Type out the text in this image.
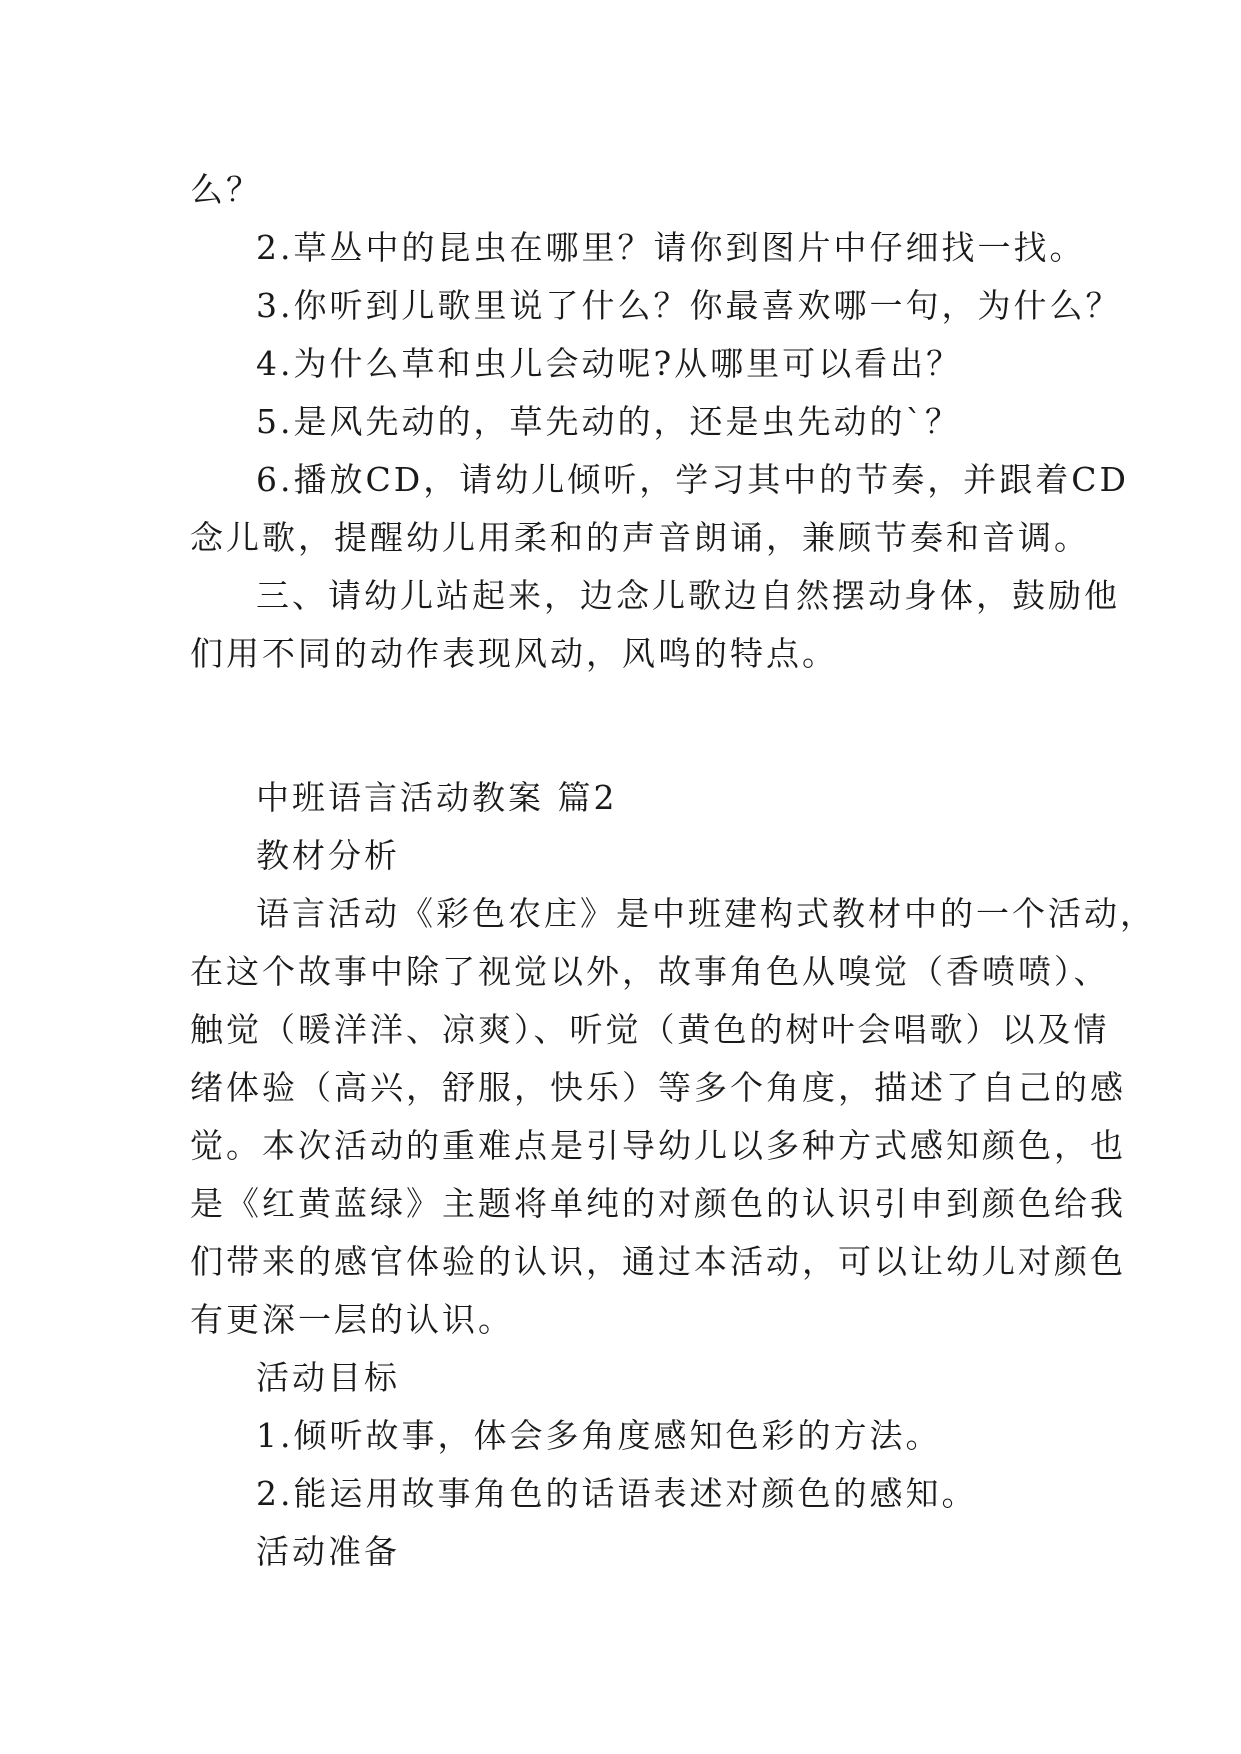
么？
2.草丛中的昆虫在哪里？请你到图片中仔细找一找。
3.你听到儿歌里说了什么？你最喜欢哪一句，为什么？
4.为什么草和虫儿会动呢?从哪里可以看出？
5.是风先动的，草先动的，还是虫先动的`？
6.播放CD，请幼儿倾听，学习其中的节奏，并跟着CD
念儿歌，提醒幼儿用柔和的声音朗诵，兼顾节奏和音调。
三、请幼儿站起来，边念儿歌边自然摆动身体，鼓励他
们用不同的动作表现风动，风鸣的特点。
中班语言活动教案 篇2
教材分析
语言活动《彩色农庄》是中班建构式教材中的一个活动，
在这个故事中除了视觉以外，故事角色从嗅觉（香喷喷）、
触觉（暖洋洋、凉爽）、听觉（黄色的树叶会唱歌）以及情
绪体验（高兴，舒服，快乐）等多个角度，描述了自己的感
觉。本次活动的重难点是引导幼儿以多种方式感知颜色，也
是《红黄蓝绿》主题将单纯的对颜色的认识引申到颜色给我
们带来的感官体验的认识，通过本活动，可以让幼儿对颜色
有更深一层的认识。
活动目标
1.倾听故事，体会多角度感知色彩的方法。
2.能运用故事角色的话语表述对颜色的感知。
活动准备
